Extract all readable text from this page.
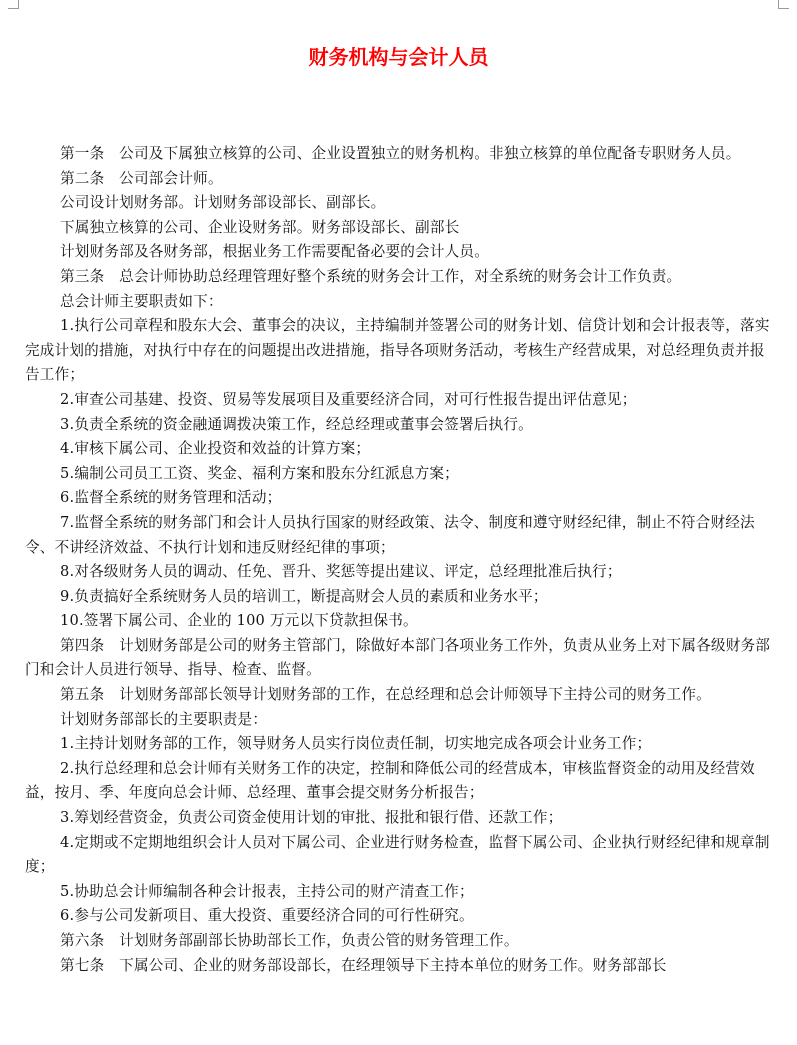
财务机构与会计人员

第一条　公司及下属独立核算的公司、企业设置独立的财务机构。非独立核算的单位配备专职财务人员。

第二条　公司部会计师。

公司设计划财务部。计划财务部设部长、副部长。

下属独立核算的公司、企业设财务部。财务部设部长、副部长

计划财务部及各财务部，根据业务工作需要配备必要的会计人员。

第三条　总会计师协助总经理管理好整个系统的财务会计工作，对全系统的财务会计工作负责。

总会计师主要职责如下：

1.执行公司章程和股东大会、董事会的决议，主持编制并签署公司的财务计划、信贷计划和会计报表等，落实完成计划的措施，对执行中存在的问题提出改进措施，指导各项财务活动，考核生产经营成果，对总经理负责并报告工作；

2.审查公司基建、投资、贸易等发展项目及重要经济合同，对可行性报告提出评估意见；

3.负责全系统的资金融通调拨决策工作，经总经理或董事会签署后执行。

4.审核下属公司、企业投资和效益的计算方案；

5.编制公司员工工资、奖金、福利方案和股东分红派息方案；

6.监督全系统的财务管理和活动；

7.监督全系统的财务部门和会计人员执行国家的财经政策、法令、制度和遵守财经纪律，制止不符合财经法令、不讲经济效益、不执行计划和违反财经纪律的事项；

8.对各级财务人员的调动、任免、晋升、奖惩等提出建议、评定，总经理批准后执行；

9.负责搞好全系统财务人员的培训工，断提高财会人员的素质和业务水平；

10.签署下属公司、企业的 100 万元以下贷款担保书。

第四条　计划财务部是公司的财务主管部门，除做好本部门各项业务工作外，负责从业务上对下属各级财务部门和会计人员进行领导、指导、检查、监督。

第五条　计划财务部部长领导计划财务部的工作，在总经理和总会计师领导下主持公司的财务工作。

计划财务部部长的主要职责是：

1.主持计划财务部的工作，领导财务人员实行岗位责任制，切实地完成各项会计业务工作；

2.执行总经理和总会计师有关财务工作的决定，控制和降低公司的经营成本，审核监督资金的动用及经营效益，按月、季、年度向总会计师、总经理、董事会提交财务分析报告；

3.筹划经营资金，负责公司资金使用计划的审批、报批和银行借、还款工作；

4.定期或不定期地组织会计人员对下属公司、企业进行财务检查，监督下属公司、企业执行财经纪律和规章制度；

5.协助总会计师编制各种会计报表，主持公司的财产清查工作；

6.参与公司发新项目、重大投资、重要经济合同的可行性研究。

第六条　计划财务部副部长协助部长工作，负责公管的财务管理工作。

第七条　下属公司、企业的财务部设部长，在经理领导下主持本单位的财务工作。财务部部长
